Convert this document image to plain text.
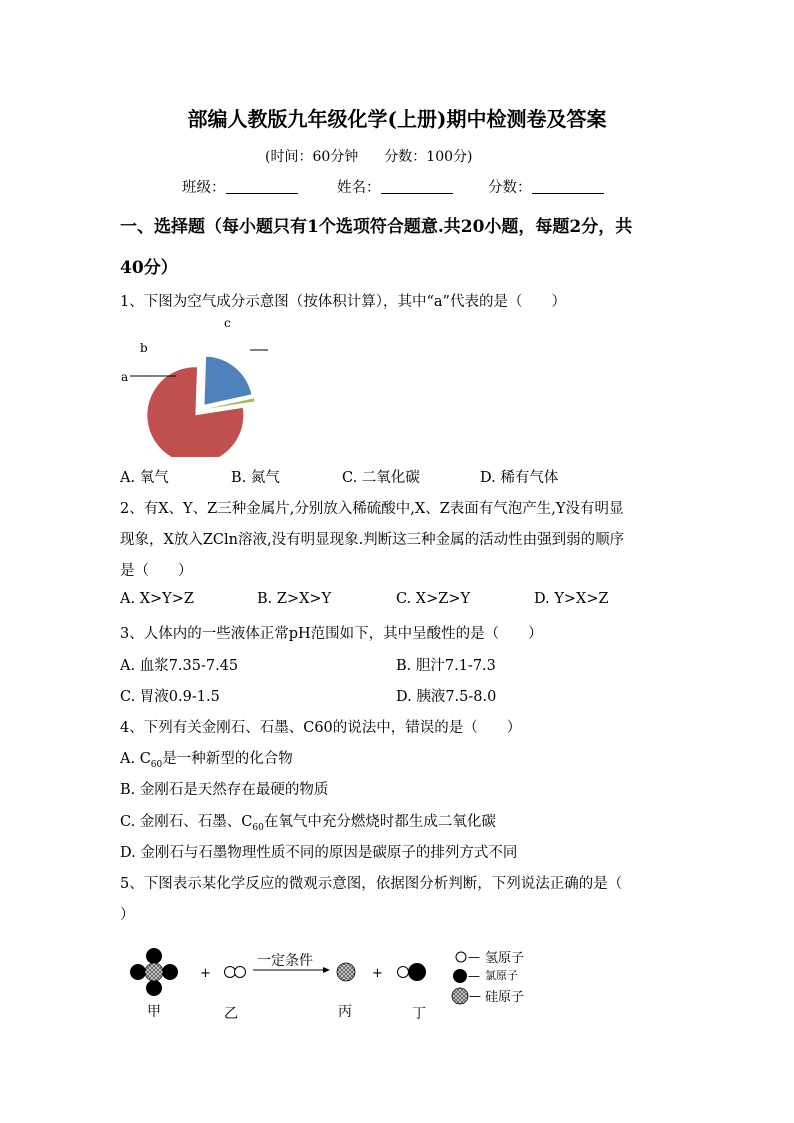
部编人教版九年级化学(上册)期中检测卷及答案
(时间：60分钟 分数：100分)
班级：	姓名：	分数：
一、选择题（每小题只有1个选项符合题意.共20小题，每题2分，共
40分）
1、下图为空气成分示意图（按体积计算），其中“a”代表的是（　　）
c
b
a
A. 氧气	B. 氮气	C. 二氧化碳	D. 稀有气体
2、有X、Y、Z三种金属片,分别放入稀硫酸中,X、Z表面有气泡产生,Y没有明显
现象，X放入ZCln溶液,没有明显现象.判断这三种金属的活动性由强到弱的顺序
是（　　）
A. X>Y>Z	B. Z>X>Y	C. X>Z>Y	D. Y>X>Z
3、人体内的一些液体正常pH范围如下，其中呈酸性的是（　　）
A. 血浆7.35-7.45	B. 胆汁7.1-7.3
C. 胃液0.9-1.5	D. 胰液7.5-8.0
4、下列有关金刚石、石墨、C60的说法中，错误的是（　　）
A. $C_{60}$是一种新型的化合物
B. 金刚石是天然存在最硬的物质
C. 金刚石、石墨、$C_{60}$在氧气中充分燃烧时都生成二氧化碳
D. 金刚石与石墨物理性质不同的原因是碳原子的排列方式不同
5、下图表示某化学反应的微观示意图，依据图分析判断，下列说法正确的是（
）
+
一定条件
+
甲	乙	丙	丁
— 氢原子
— 氯原子
— 硅原子
